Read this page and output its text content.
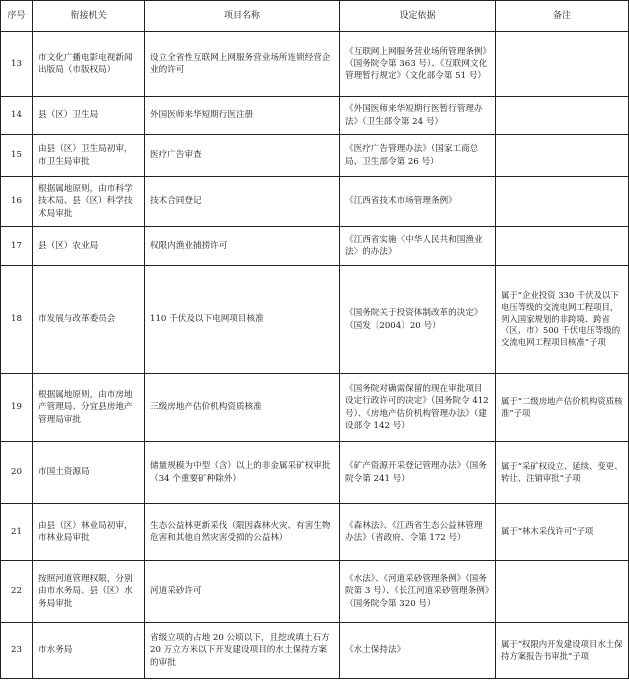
序号	衔接机关	项目名称	设定依据	备注
13	市文化广播电影电视新闻出版局（市版权局）	设立全省性互联网上网服务营业场所连锁经营企业的许可	《互联网上网服务营业场所管理条例》（国务院令第 363 号）、《互联网文化管理暂行规定》（文化部令第 51 号）	
14	县（区）卫生局	外国医师来华短期行医注册	《外国医师来华短期行医暂行管理办法》（卫生部令第 24 号）	
15	由县（区）卫生局初审，市卫生局审批	医疗广告审查	《医疗广告管理办法》（国家工商总局、卫生部令第 26 号）	
16	根据属地原则，由市科学技术局、县（区）科学技术局审批	技术合同登记	《江西省技术市场管理条例》	
17	县（区）农业局	权限内渔业捕捞许可	《江西省实施〈中华人民共和国渔业法〉的办法》	
18	市发展与改革委员会	110 千伏及以下电网项目核准	《国务院关于投资体制改革的决定》（国发〔2004〕20 号）	属于“企业投资 330 千伏及以下电压等级的交流电网工程项目，列入国家规划的非跨境、跨省（区、市）500 千伏电压等级的交流电网工程项目核准”子项
19	根据属地原则，由市房地产管理局、分宜县房地产管理局审批	三级房地产估价机构资质核准	《国务院对确需保留的现在审批项目设定行政许可的决定》（国务院令 412 号）、《房地产估价机构管理办法》（建设部令 142 号）	属于“二级房地产估价机构资质核准”子项
20	市国土资源局	储量规模为中型（含）以上的非金属采矿权审批（34 个重要矿种除外）	《矿产资源开采登记管理办法》（国务院令第 241 号）	属于“采矿权设立、延续、变更、转让、注销审批”子项
21	由县（区）林业局初审，市林业局审批	生态公益林更新采伐（限因森林火灾、有害生物危害和其他自然灾害受损的公益林）	《森林法》、《江西省生态公益林管理办法》（省政府、令第 172 号）	属于“林木采伐许可”子项
22	按照河道管理权限，分别由市水务局、县（区）水务局审批	河道采砂许可	《水法》、《河道采砂管理条例》（国务院第 3 号）、《长江河道采砂管理条例》（国务院令第 320 号）	
23	市水务局	省级立项的占地 20 公顷以下，且挖或填土石方 20 万立方米以下开发建设项目的水土保持方案的审批	《水土保持法》	属于“权限内开发建设项目水土保持方案报告书审批”子项
